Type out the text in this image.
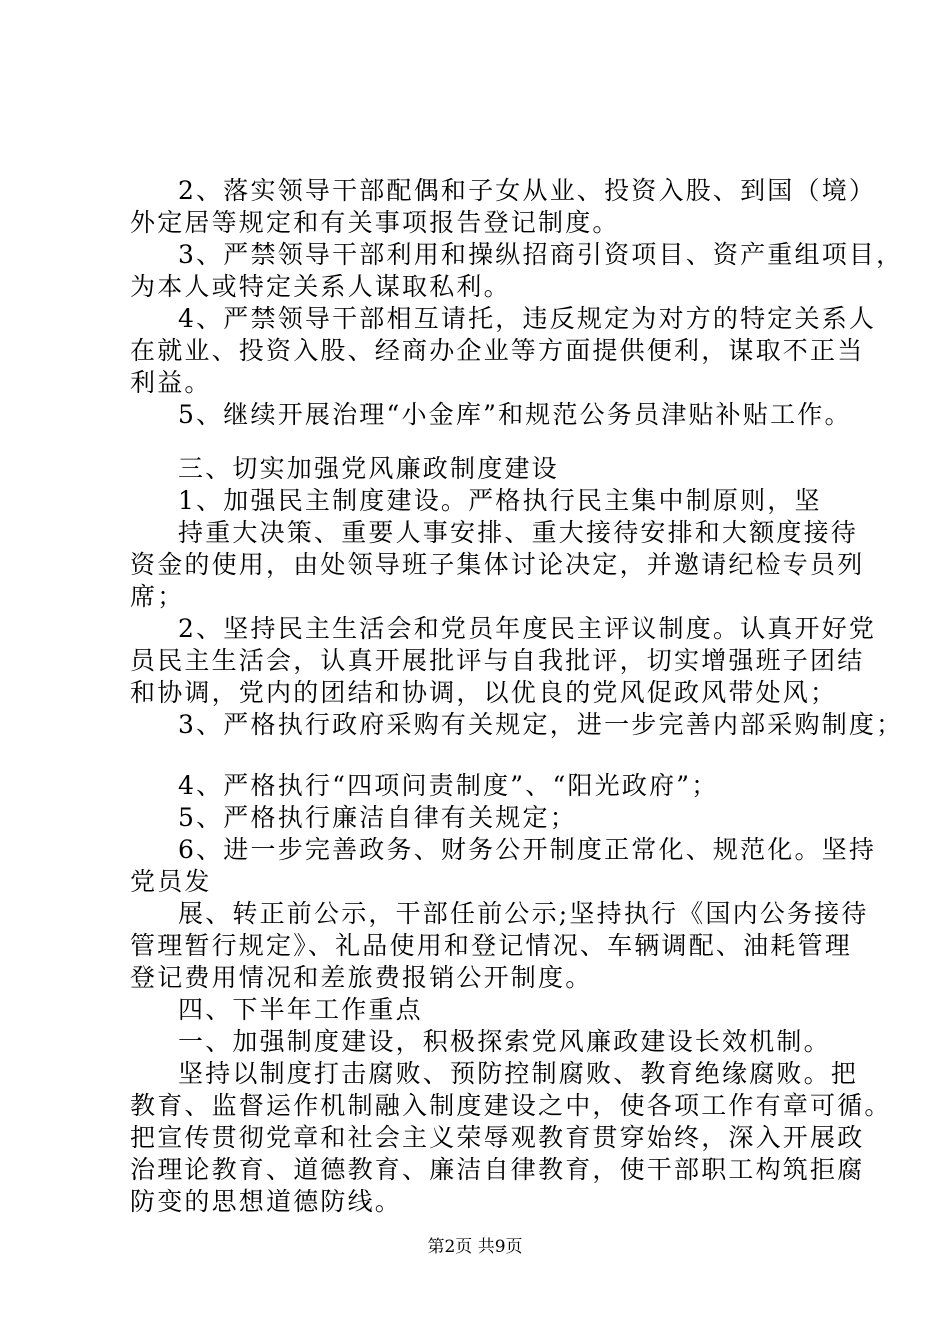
2、落实领导干部配偶和子女从业、投资入股、到国（境）
外定居等规定和有关事项报告登记制度。
3、严禁领导干部利用和操纵招商引资项目、资产重组项目，
为本人或特定关系人谋取私利。
4、严禁领导干部相互请托，违反规定为对方的特定关系人
在就业、投资入股、经商办企业等方面提供便利，谋取不正当
利益。
5、继续开展治理“小金库”和规范公务员津贴补贴工作。
三、切实加强党风廉政制度建设
1、加强民主制度建设。严格执行民主集中制原则，坚
持重大决策、重要人事安排、重大接待安排和大额度接待
资金的使用，由处领导班子集体讨论决定，并邀请纪检专员列
席；
2、坚持民主生活会和党员年度民主评议制度。认真开好党
员民主生活会，认真开展批评与自我批评，切实增强班子团结
和协调，党内的团结和协调，以优良的党风促政风带处风；
3、严格执行政府采购有关规定，进一步完善内部采购制度；
4、严格执行“四项问责制度”、“阳光政府”；
5、严格执行廉洁自律有关规定；
6、进一步完善政务、财务公开制度正常化、规范化。坚持
党员发
展、转正前公示，干部任前公示;坚持执行《国内公务接待
管理暂行规定》、礼品使用和登记情况、车辆调配、油耗管理
登记费用情况和差旅费报销公开制度。
四、下半年工作重点
一、加强制度建设，积极探索党风廉政建设长效机制。
坚持以制度打击腐败、预防控制腐败、教育绝缘腐败。把
教育、监督运作机制融入制度建设之中，使各项工作有章可循。
把宣传贯彻党章和社会主义荣辱观教育贯穿始终，深入开展政
治理论教育、道德教育、廉洁自律教育，使干部职工构筑拒腐
防变的思想道德防线。
第2页 共9页
